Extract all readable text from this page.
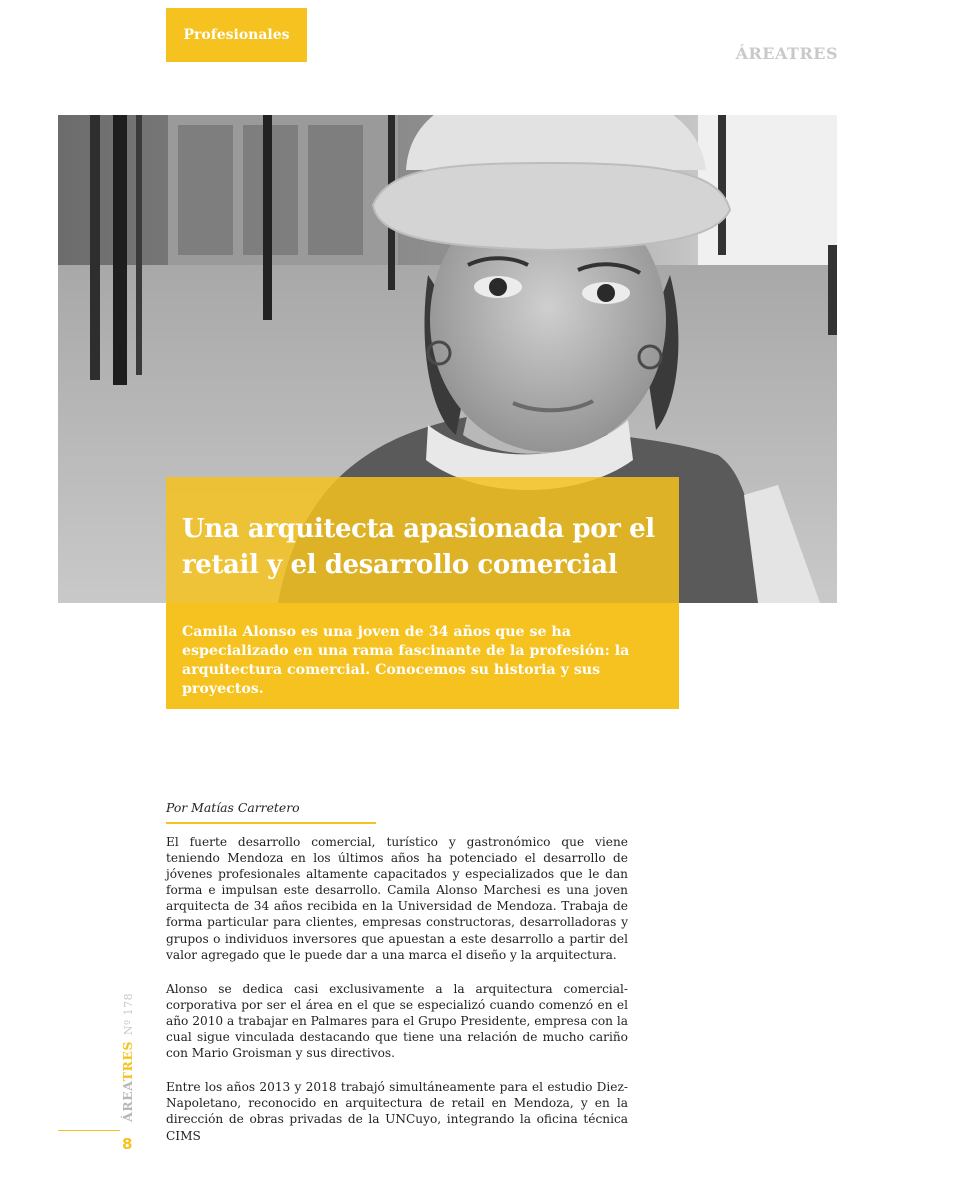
Profesionales
ÁREATRES
Una arquitecta apasionada por el retail y el desarrollo comercial

Camila Alonso es una joven de 34 años que se ha especializado en una rama fascinante de la profesión: la arquitectura comercial. Conocemos su historia y sus proyectos.

Por Matías Carretero

El fuerte desarrollo comercial, turístico y gastronómico que viene teniendo Mendoza en los últimos años ha potenciado el desarrollo de jóvenes profesionales altamente capacitados y especializados que le dan forma e impulsan este desarrollo. Camila Alonso Marchesi es una joven arquitecta de 34 años recibida en la Universidad de Mendoza. Trabaja de forma particular para clientes, empresas constructoras, desarrolladoras y grupos o individuos inversores que apuestan a este desarrollo a partir del valor agregado que le puede dar a una marca el diseño y la arquitectura.

Alonso se dedica casi exclusivamente a la arquitectura comercial-corporativa por ser el área en el que se especializó cuando comenzó en el año 2010 a trabajar en Palmares para el Grupo Presidente, empresa con la cual sigue vinculada destacando que tiene una relación de mucho cariño con Mario Groisman y sus directivos.

Entre los años 2013 y 2018 trabajó simultáneamente para el estudio Diez-Napoletano, reconocido en arquitectura de retail en Mendoza, y en la dirección de obras privadas de la UNCuyo, integrando la oficina técnica CIMS

ÁREATRESNº 178
8
